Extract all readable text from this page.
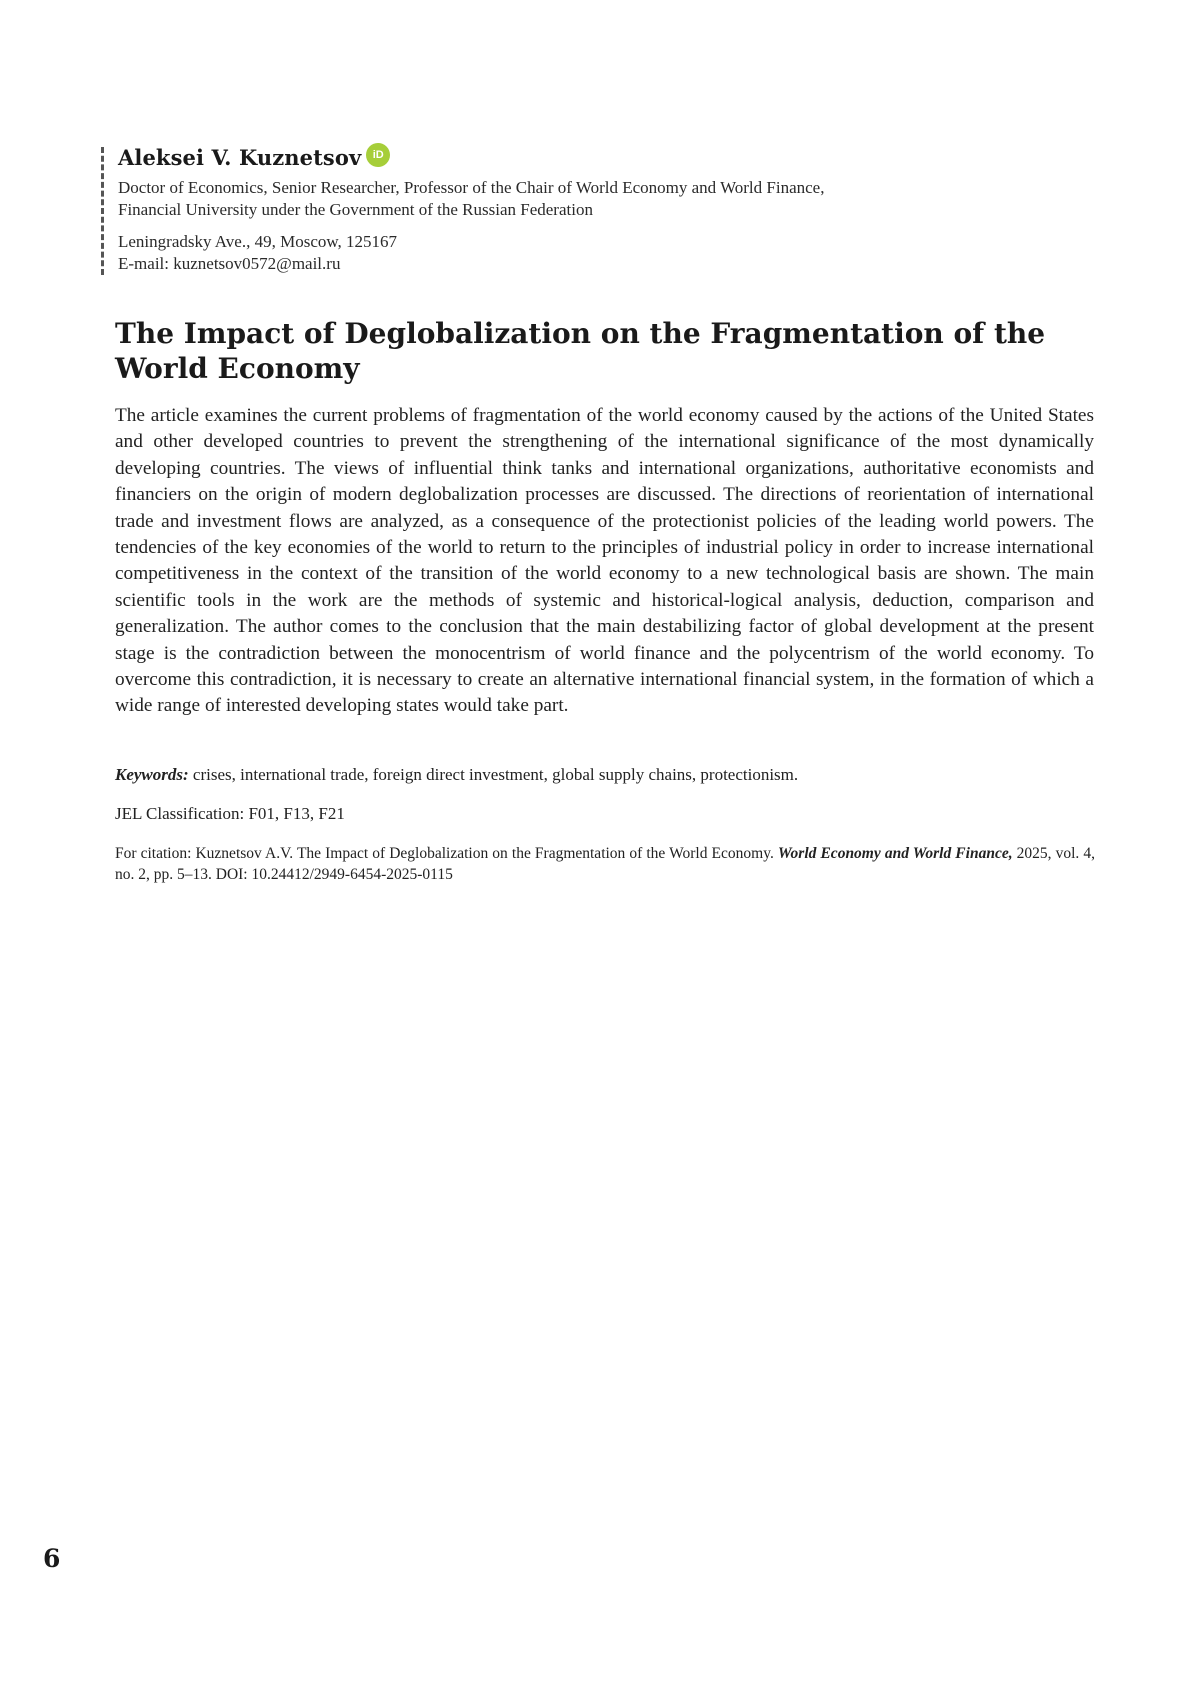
Aleksei V. Kuznetsov	iD
Doctor of Economics, Senior Researcher, Professor of the Chair of World Economy and World Finance,
Financial University under the Government of the Russian Federation
Leningradsky Ave., 49, Moscow, 125167
E-mail: kuznetsov0572@mail.ru
The Impact of Deglobalization on the Fragmentation of the World Economy

The article examines the current problems of fragmentation of the world economy caused by the actions of the United States and other developed countries to prevent the strengthening of the international significance of the most dynamically developing countries. The views of influential think tanks and international organizations, authoritative economists and financiers on the origin of modern deglobalization processes are discussed. The directions of reorientation of international trade and investment flows are analyzed, as a consequence of the protectionist policies of the leading world powers. The tendencies of the key economies of the world to return to the principles of industrial policy in order to increase international competitiveness in the context of the transition of the world economy to a new technological basis are shown. The main scientific tools in the work are the methods of systemic and historical-logical analysis, deduction, comparison and generalization. The author comes to the conclusion that the main destabilizing factor of global development at the present stage is the contradiction between the monocentrism of world finance and the polycentrism of the world economy. To overcome this contradiction, it is necessary to create an alternative international financial system, in the formation of which a wide range of interested developing states would take part.

Keywords: crises, international trade, foreign direct investment, global supply chains, protectionism.

JEL Classification: F01, F13, F21

For citation: Kuznetsov A.V. The Impact of Deglobalization on the Fragmentation of the World Economy. World Economy and World Finance, 2025, vol. 4, no. 2, pp. 5–13. DOI: 10.24412/2949-6454-2025-0115

6
